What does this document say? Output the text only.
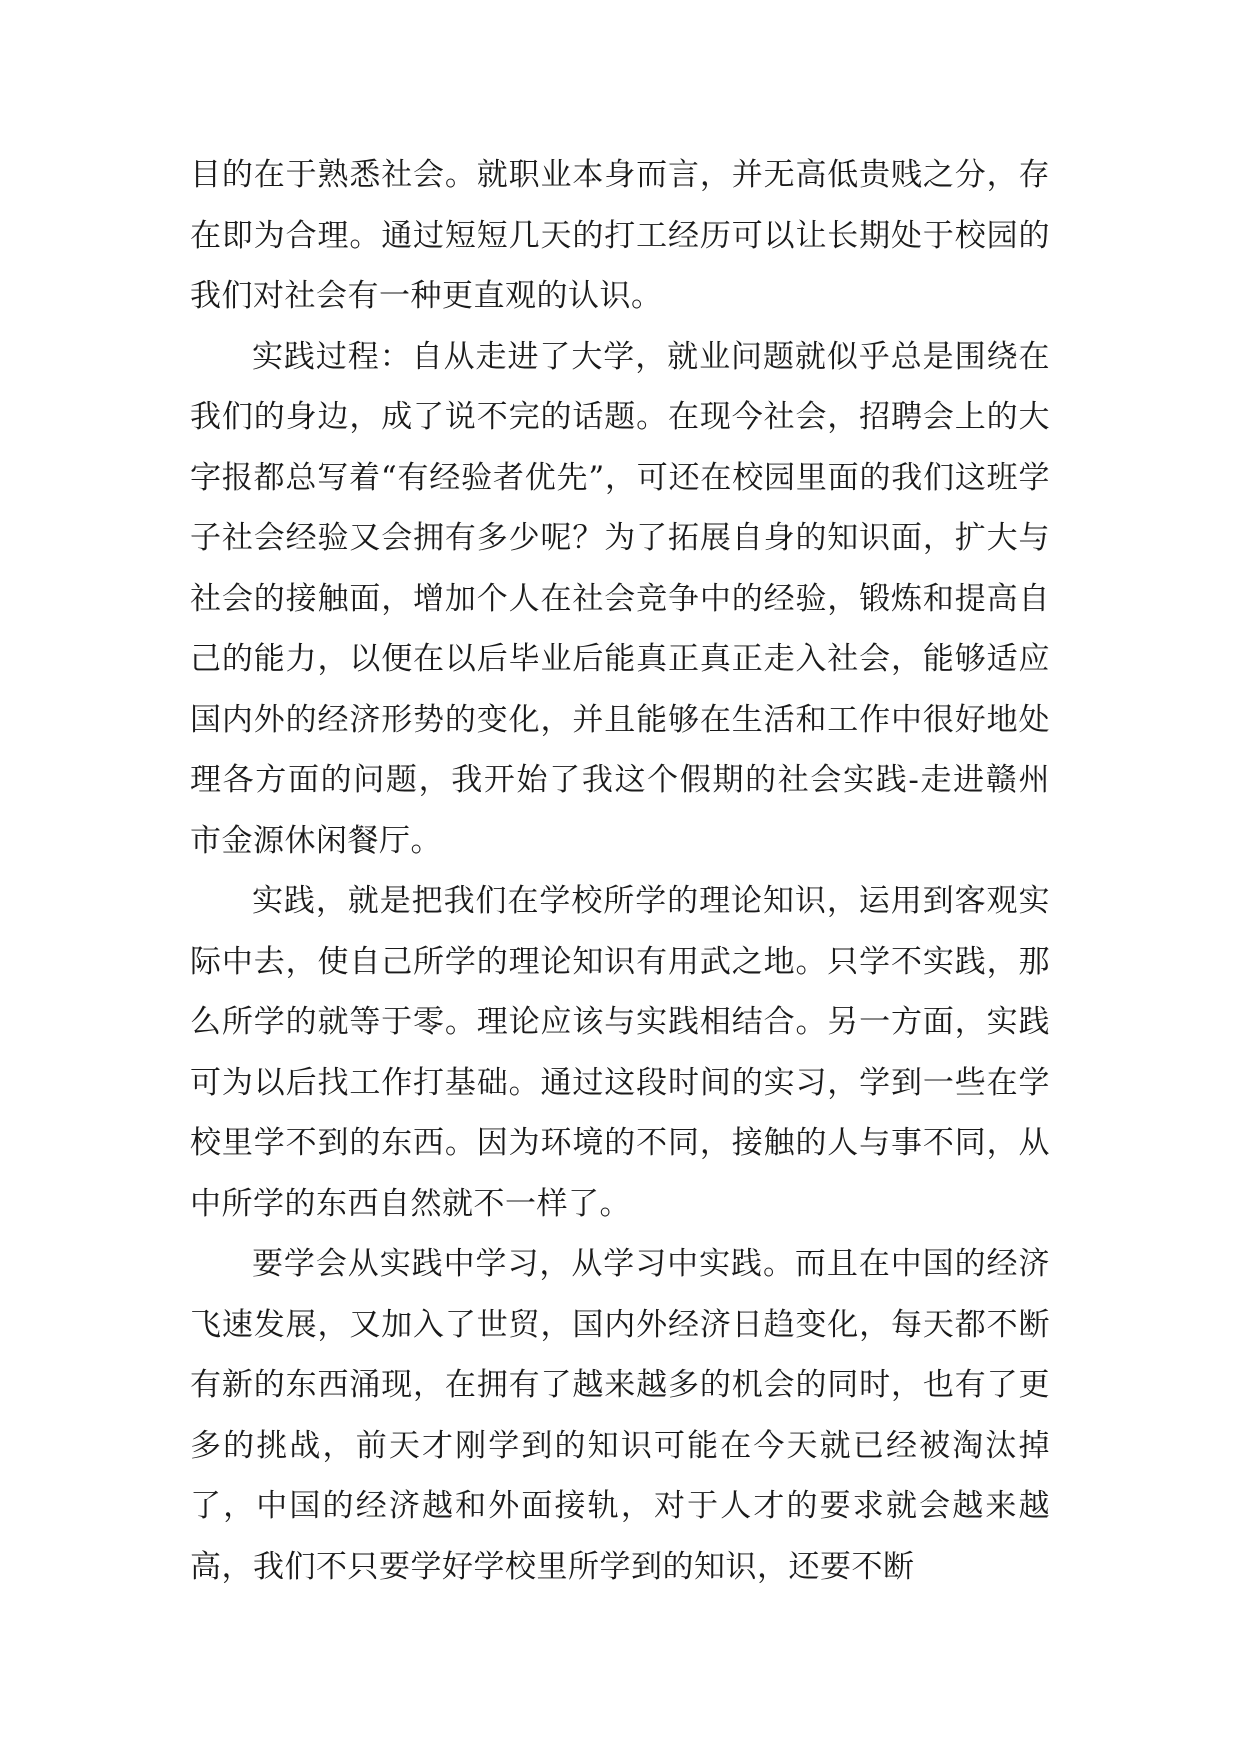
目的在于熟悉社会。就职业本身而言，并无高低贵贱之分，存在即为合理。通过短短几天的打工经历可以让长期处于校园的我们对社会有一种更直观的认识。

实践过程：自从走进了大学，就业问题就似乎总是围绕在我们的身边，成了说不完的话题。在现今社会，招聘会上的大字报都总写着“有经验者优先”，可还在校园里面的我们这班学子社会经验又会拥有多少呢？为了拓展自身的知识面，扩大与社会的接触面，增加个人在社会竞争中的经验，锻炼和提高自己的能力，以便在以后毕业后能真正真正走入社会，能够适应国内外的经济形势的变化，并且能够在生活和工作中很好地处理各方面的问题，我开始了我这个假期的社会实践-走进赣州市金源休闲餐厅。

实践，就是把我们在学校所学的理论知识，运用到客观实际中去，使自己所学的理论知识有用武之地。只学不实践，那么所学的就等于零。理论应该与实践相结合。另一方面，实践可为以后找工作打基础。通过这段时间的实习，学到一些在学校里学不到的东西。因为环境的不同，接触的人与事不同，从中所学的东西自然就不一样了。

要学会从实践中学习，从学习中实践。而且在中国的经济飞速发展，又加入了世贸，国内外经济日趋变化，每天都不断有新的东西涌现，在拥有了越来越多的机会的同时，也有了更多的挑战，前天才刚学到的知识可能在今天就已经被淘汰掉了，中国的经济越和外面接轨，对于人才的要求就会越来越高，我们不只要学好学校里所学到的知识，还要不断
